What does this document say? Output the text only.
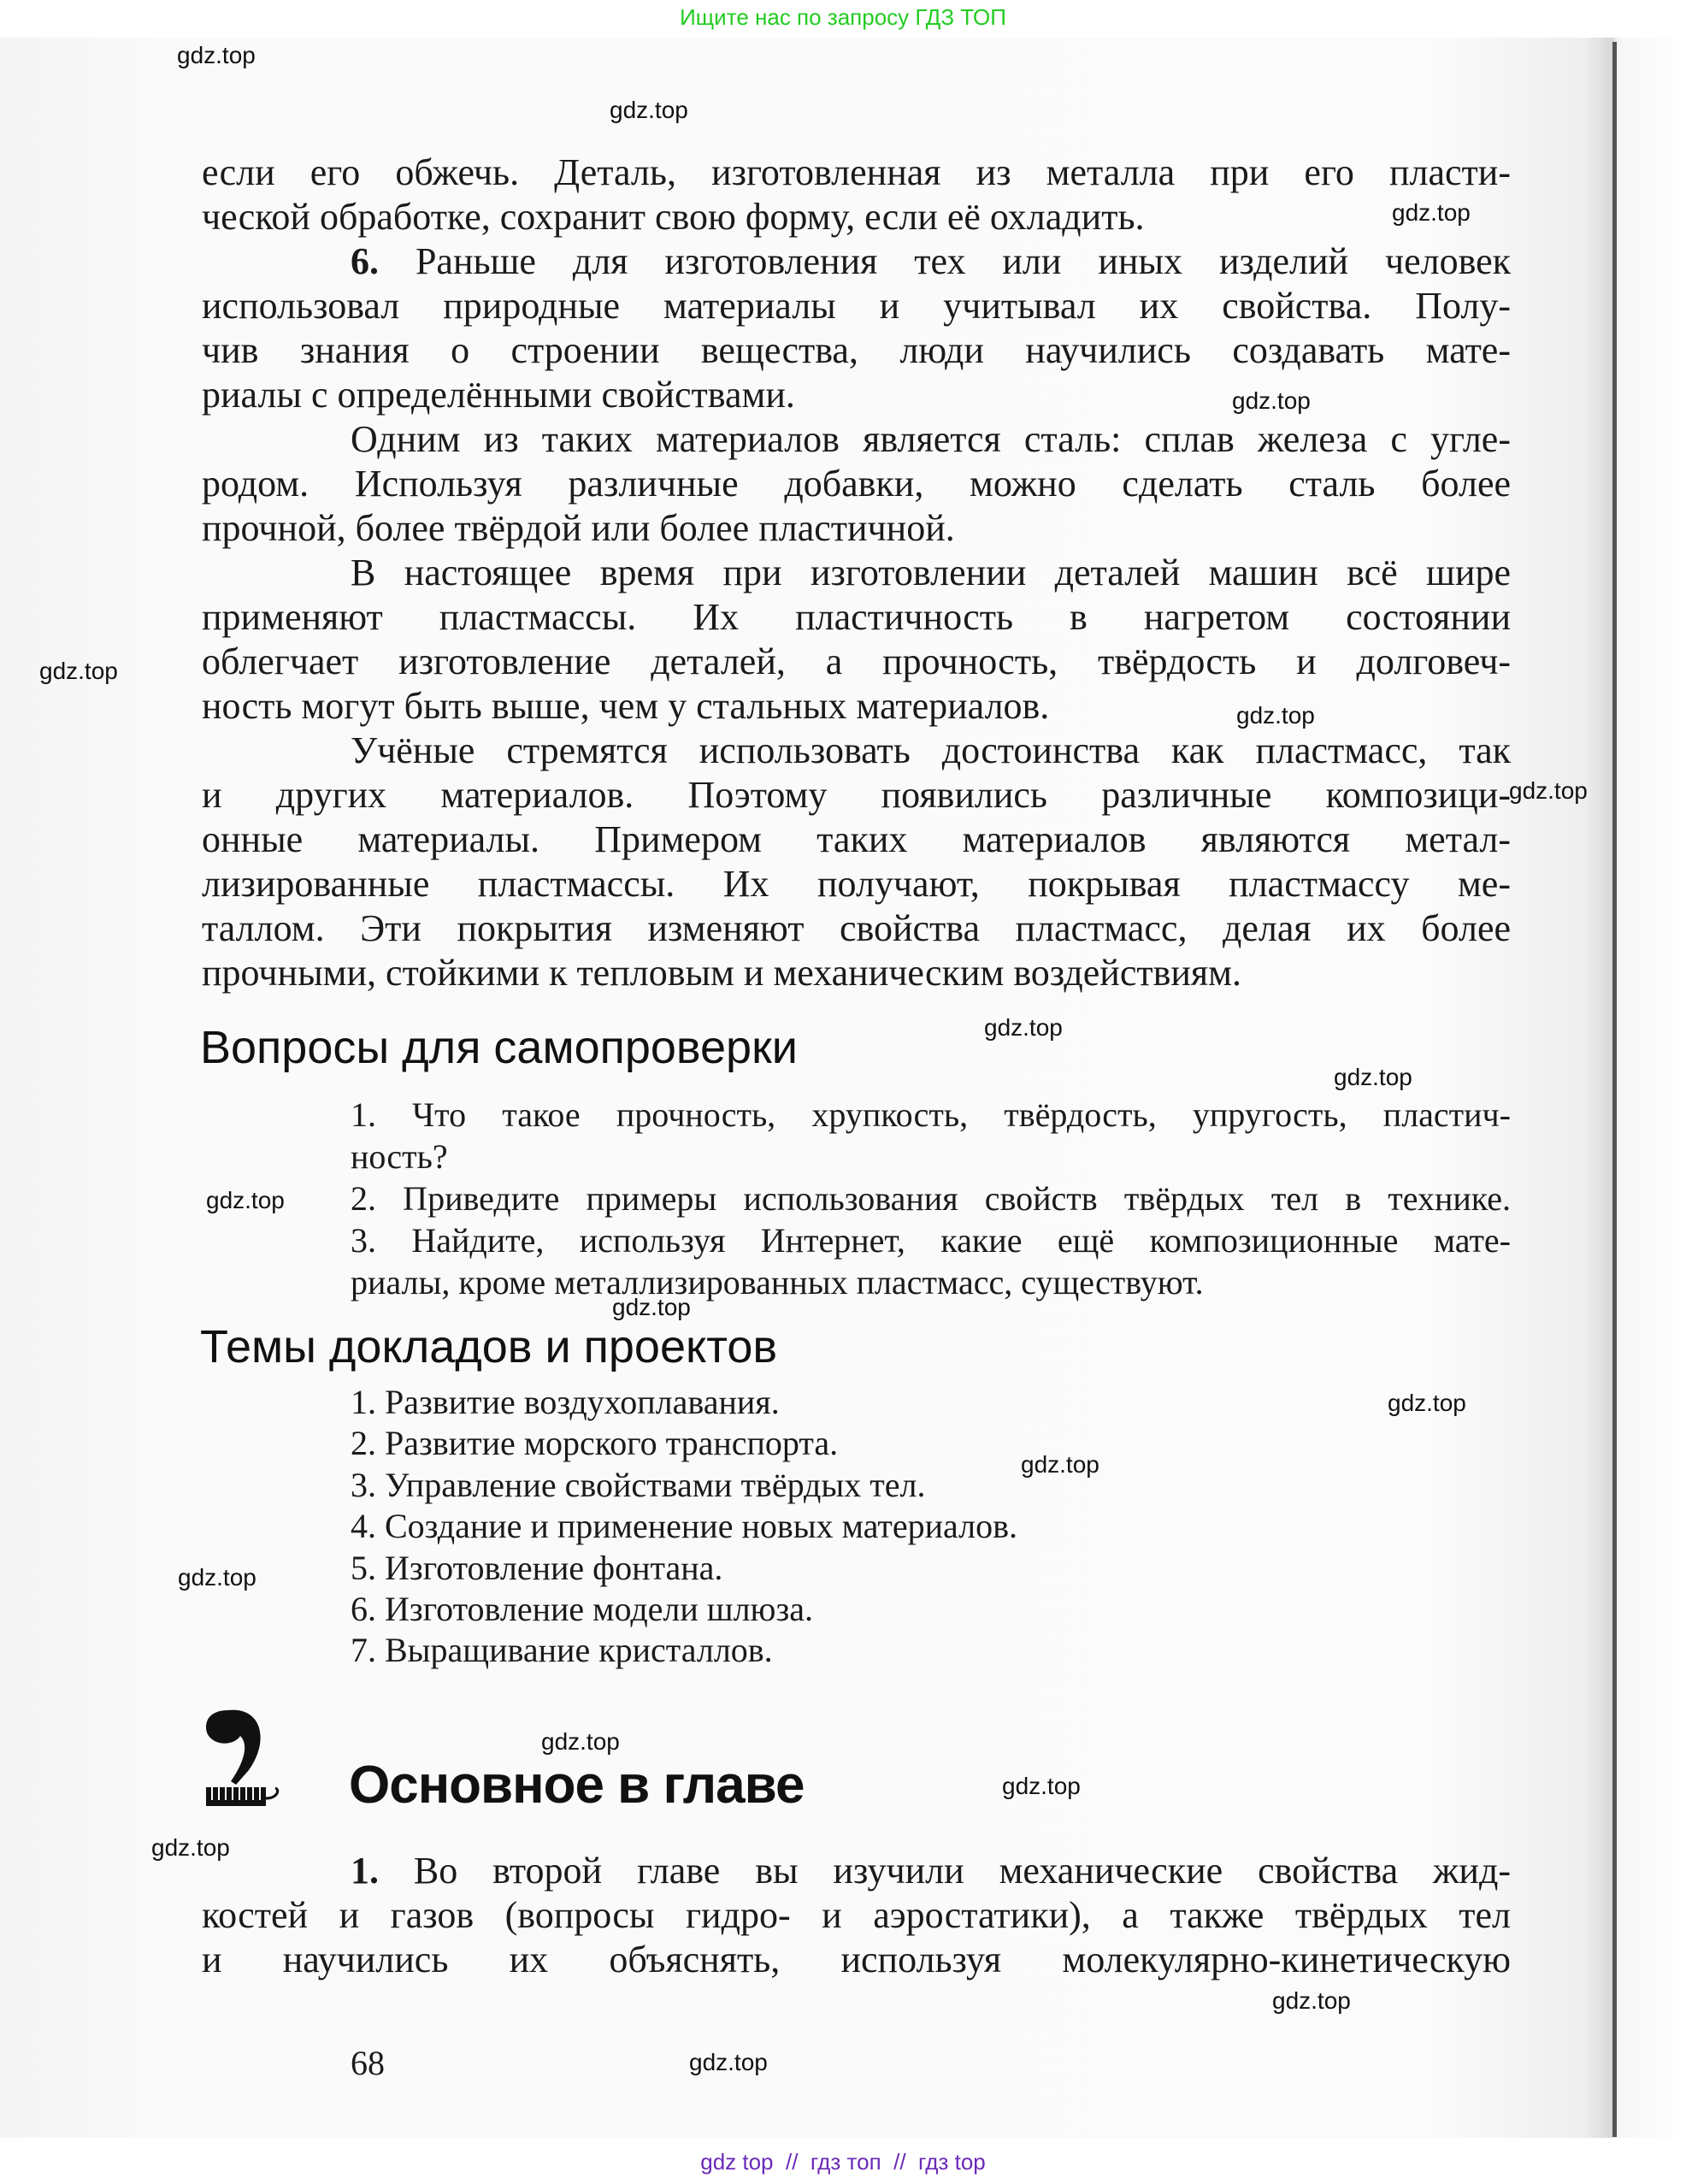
Ищите нас по запросу ГДЗ ТОП
если его обжечь. Деталь, изготовленная из металла при его пласти-
ческой обработке, сохранит свою форму, если её охладить.
6. Раньше для изготовления тех или иных изделий человек
использовал природные материалы и учитывал их свойства. Полу-
чив знания о строении вещества, люди научились создавать мате-
риалы с определёнными свойствами.
Одним из таких материалов является сталь: сплав железа с угле-
родом. Используя различные добавки, можно сделать сталь более
прочной, более твёрдой или более пластичной.
В настоящее время при изготовлении деталей машин всё шире
применяют пластмассы. Их пластичность в нагретом состоянии
облегчает изготовление деталей, а прочность, твёрдость и долговеч-
ность могут быть выше, чем у стальных материалов.
Учёные стремятся использовать достоинства как пластмасс, так
и других материалов. Поэтому появились различные композици-
онные материалы. Примером таких материалов являются метал-
лизированные пластмассы. Их получают, покрывая пластмассу ме-
таллом. Эти покрытия изменяют свойства пластмасс, делая их более
прочными, стойкими к тепловым и механическим воздействиям.
Вопросы для самопроверки
1. Что такое прочность, хрупкость, твёрдость, упругость, пластич-
ность?
2. Приведите примеры использования свойств твёрдых тел в технике.
3. Найдите, используя Интернет, какие ещё композиционные мате-
риалы, кроме металлизированных пластмасс, существуют.
Темы докладов и проектов
1. Развитие воздухоплавания.
2. Развитие морского транспорта.
3. Управление свойствами твёрдых тел.
4. Создание и применение новых материалов.
5. Изготовление фонтана.
6. Изготовление модели шлюза.
7. Выращивание кристаллов.
Основное в главе
1. Во второй главе вы изучили механические свойства жид-
костей и газов (вопросы гидро- и аэростатики), а также твёрдых тел
и научились их объяснять, используя молекулярно-кинетическую
68
gdz.top
gdz.top
gdz.top
gdz.top
gdz.top
gdz.top
gdz.top
gdz.top
gdz.top
gdz.top
gdz.top
gdz.top
gdz.top
gdz.top
gdz.top
gdz.top
gdz.top
gdz.top
gdz.top
gdz top  //  гдз топ  //  гдз top
